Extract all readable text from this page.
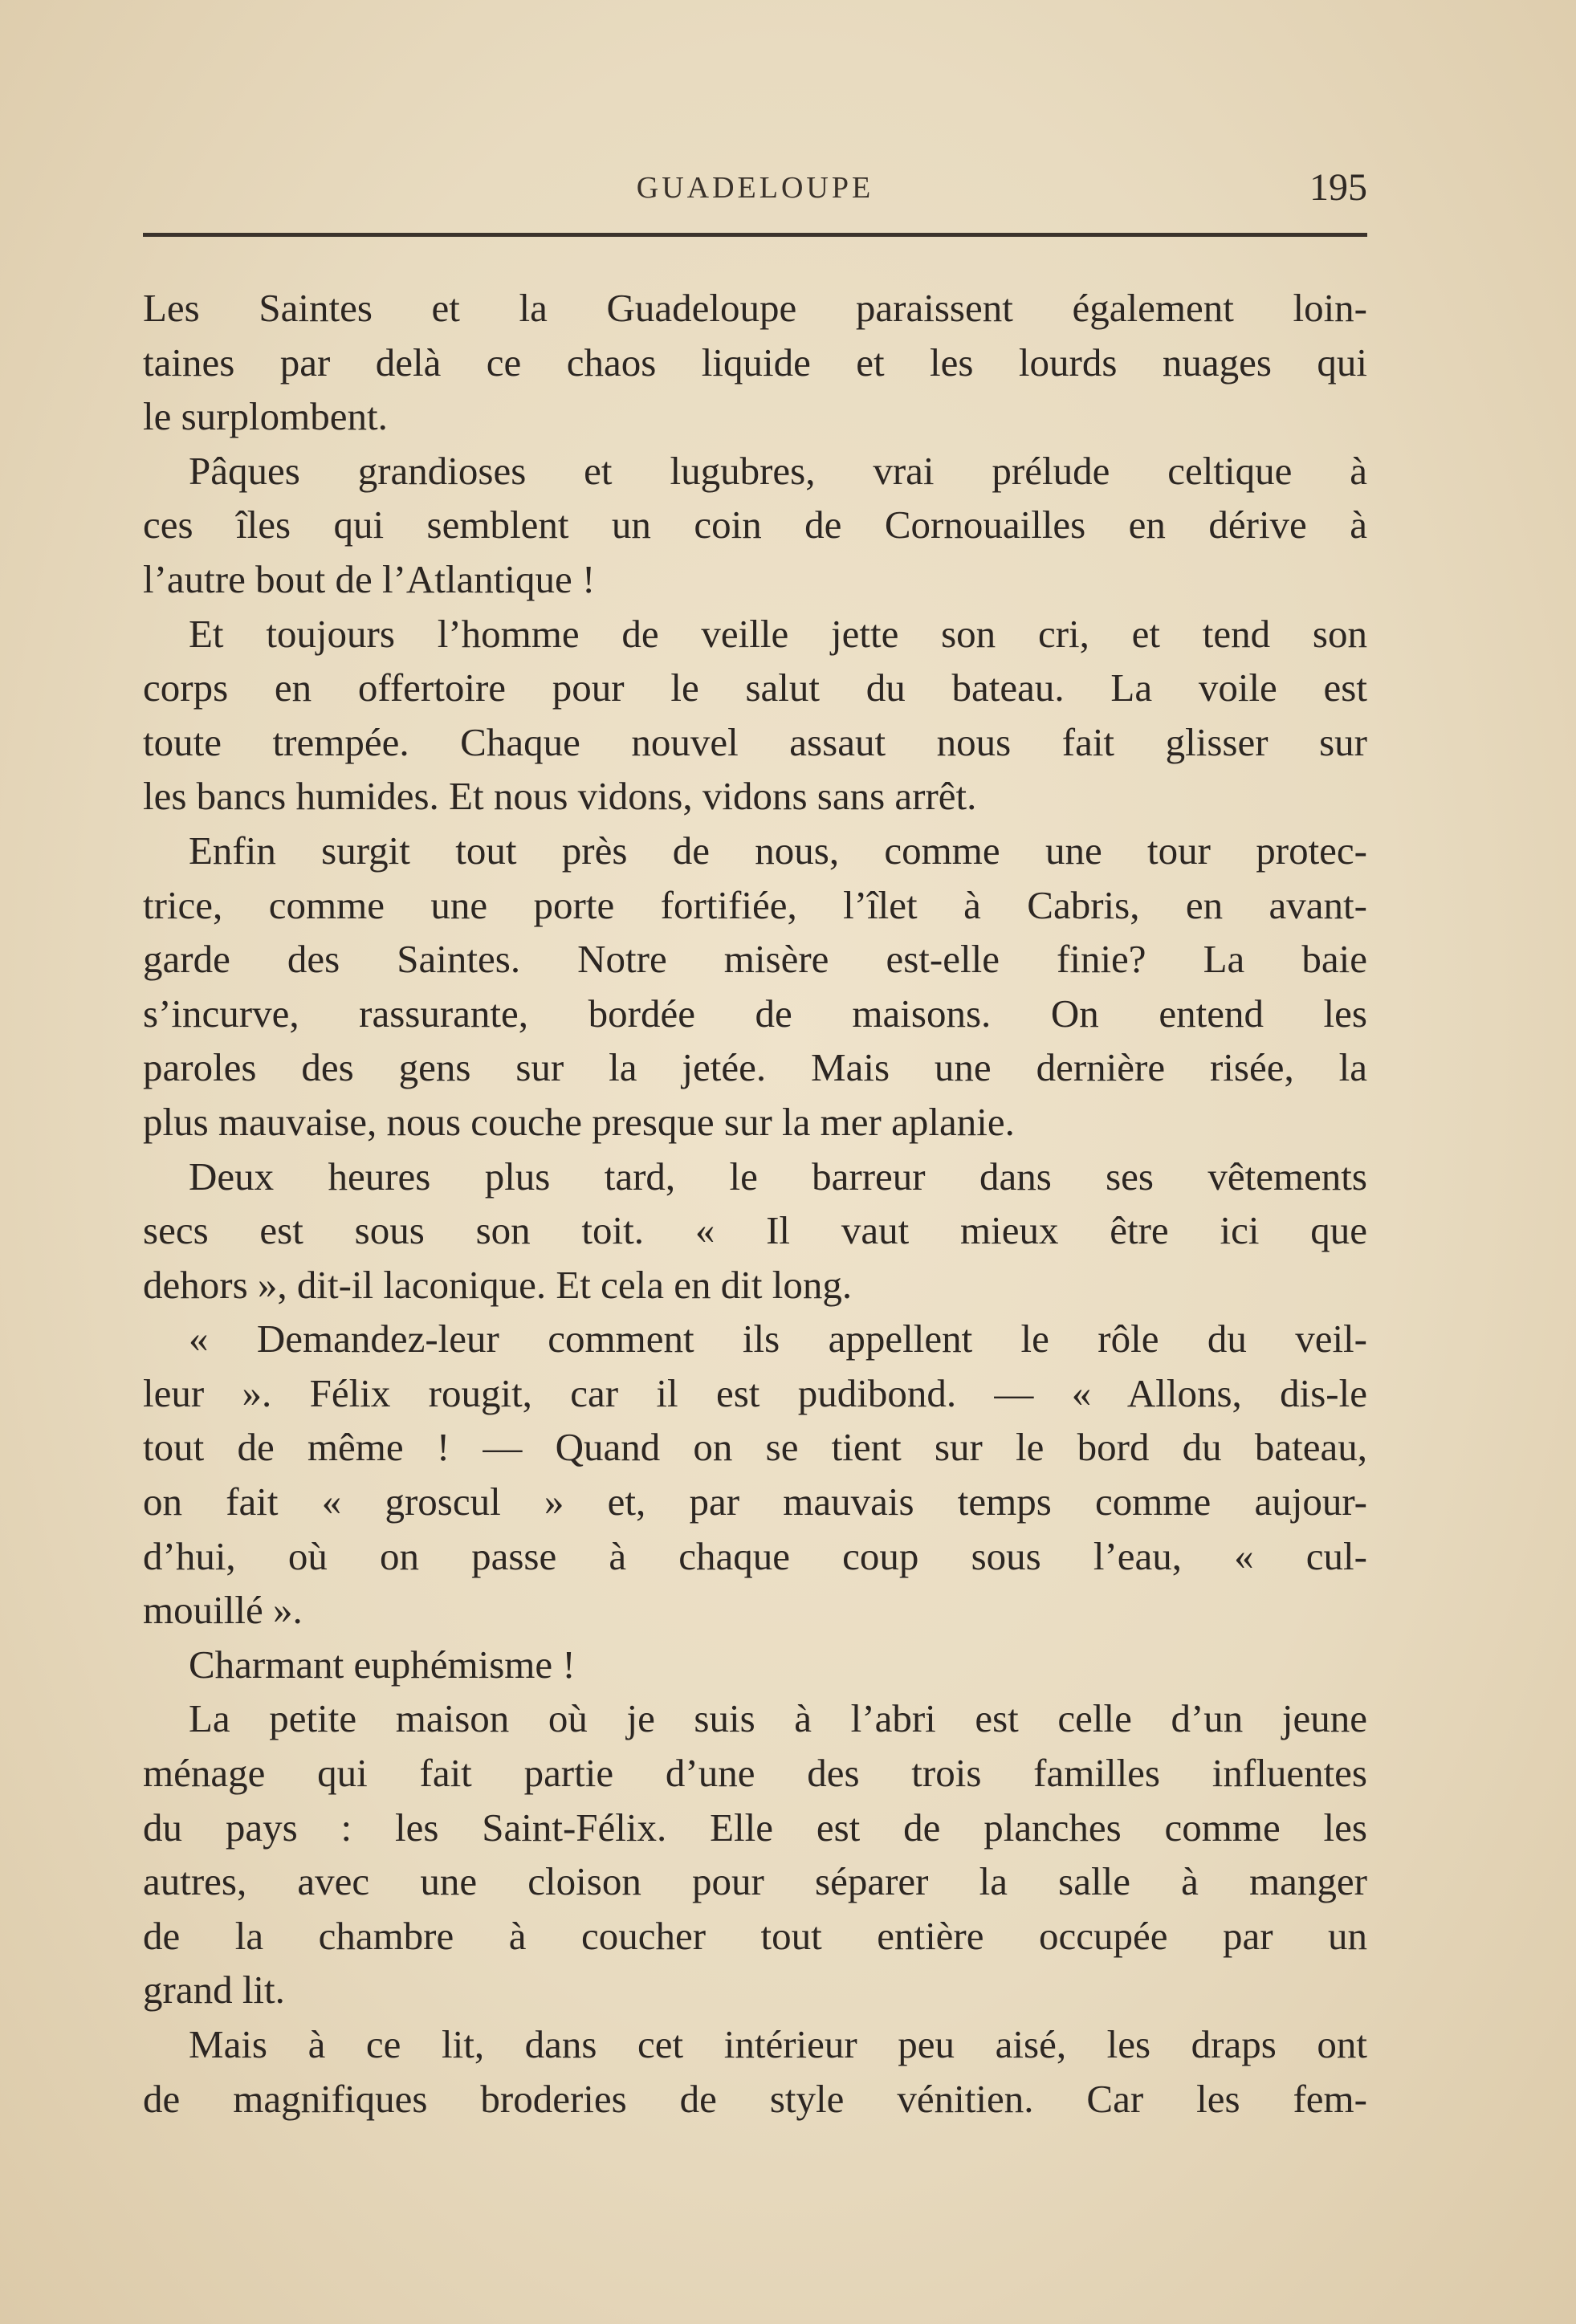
GUADELOUPE	195
Les Saintes et la Guadeloupe paraissent également loin-
taines par delà ce chaos liquide et les lourds nuages qui
le surplombent.
Pâques grandioses et lugubres, vrai prélude celtique à
ces îles qui semblent un coin de Cornouailles en dérive à
l’autre bout de l’Atlantique !
Et toujours l’homme de veille jette son cri, et tend son
corps en offertoire pour le salut du bateau. La voile est
toute trempée. Chaque nouvel assaut nous fait glisser sur
les bancs humides. Et nous vidons, vidons sans arrêt.
Enfin surgit tout près de nous, comme une tour protec-
trice, comme une porte fortifiée, l’îlet à Cabris, en avant-
garde des Saintes. Notre misère est-elle finie? La baie
s’incurve, rassurante, bordée de maisons. On entend les
paroles des gens sur la jetée. Mais une dernière risée, la
plus mauvaise, nous couche presque sur la mer aplanie.
Deux heures plus tard, le barreur dans ses vêtements
secs est sous son toit. « Il vaut mieux être ici que
dehors », dit-il laconique. Et cela en dit long.
« Demandez-leur comment ils appellent le rôle du veil-
leur ». Félix rougit, car il est pudibond. — « Allons, dis-le
tout de même ! — Quand on se tient sur le bord du bateau,
on fait « groscul » et, par mauvais temps comme aujour-
d’hui, où on passe à chaque coup sous l’eau, « cul-
mouillé ».
Charmant euphémisme !
La petite maison où je suis à l’abri est celle d’un jeune
ménage qui fait partie d’une des trois familles influentes
du pays : les Saint-Félix. Elle est de planches comme les
autres, avec une cloison pour séparer la salle à manger
de la chambre à coucher tout entière occupée par un
grand lit.
Mais à ce lit, dans cet intérieur peu aisé, les draps ont
de magnifiques broderies de style vénitien. Car les fem-
